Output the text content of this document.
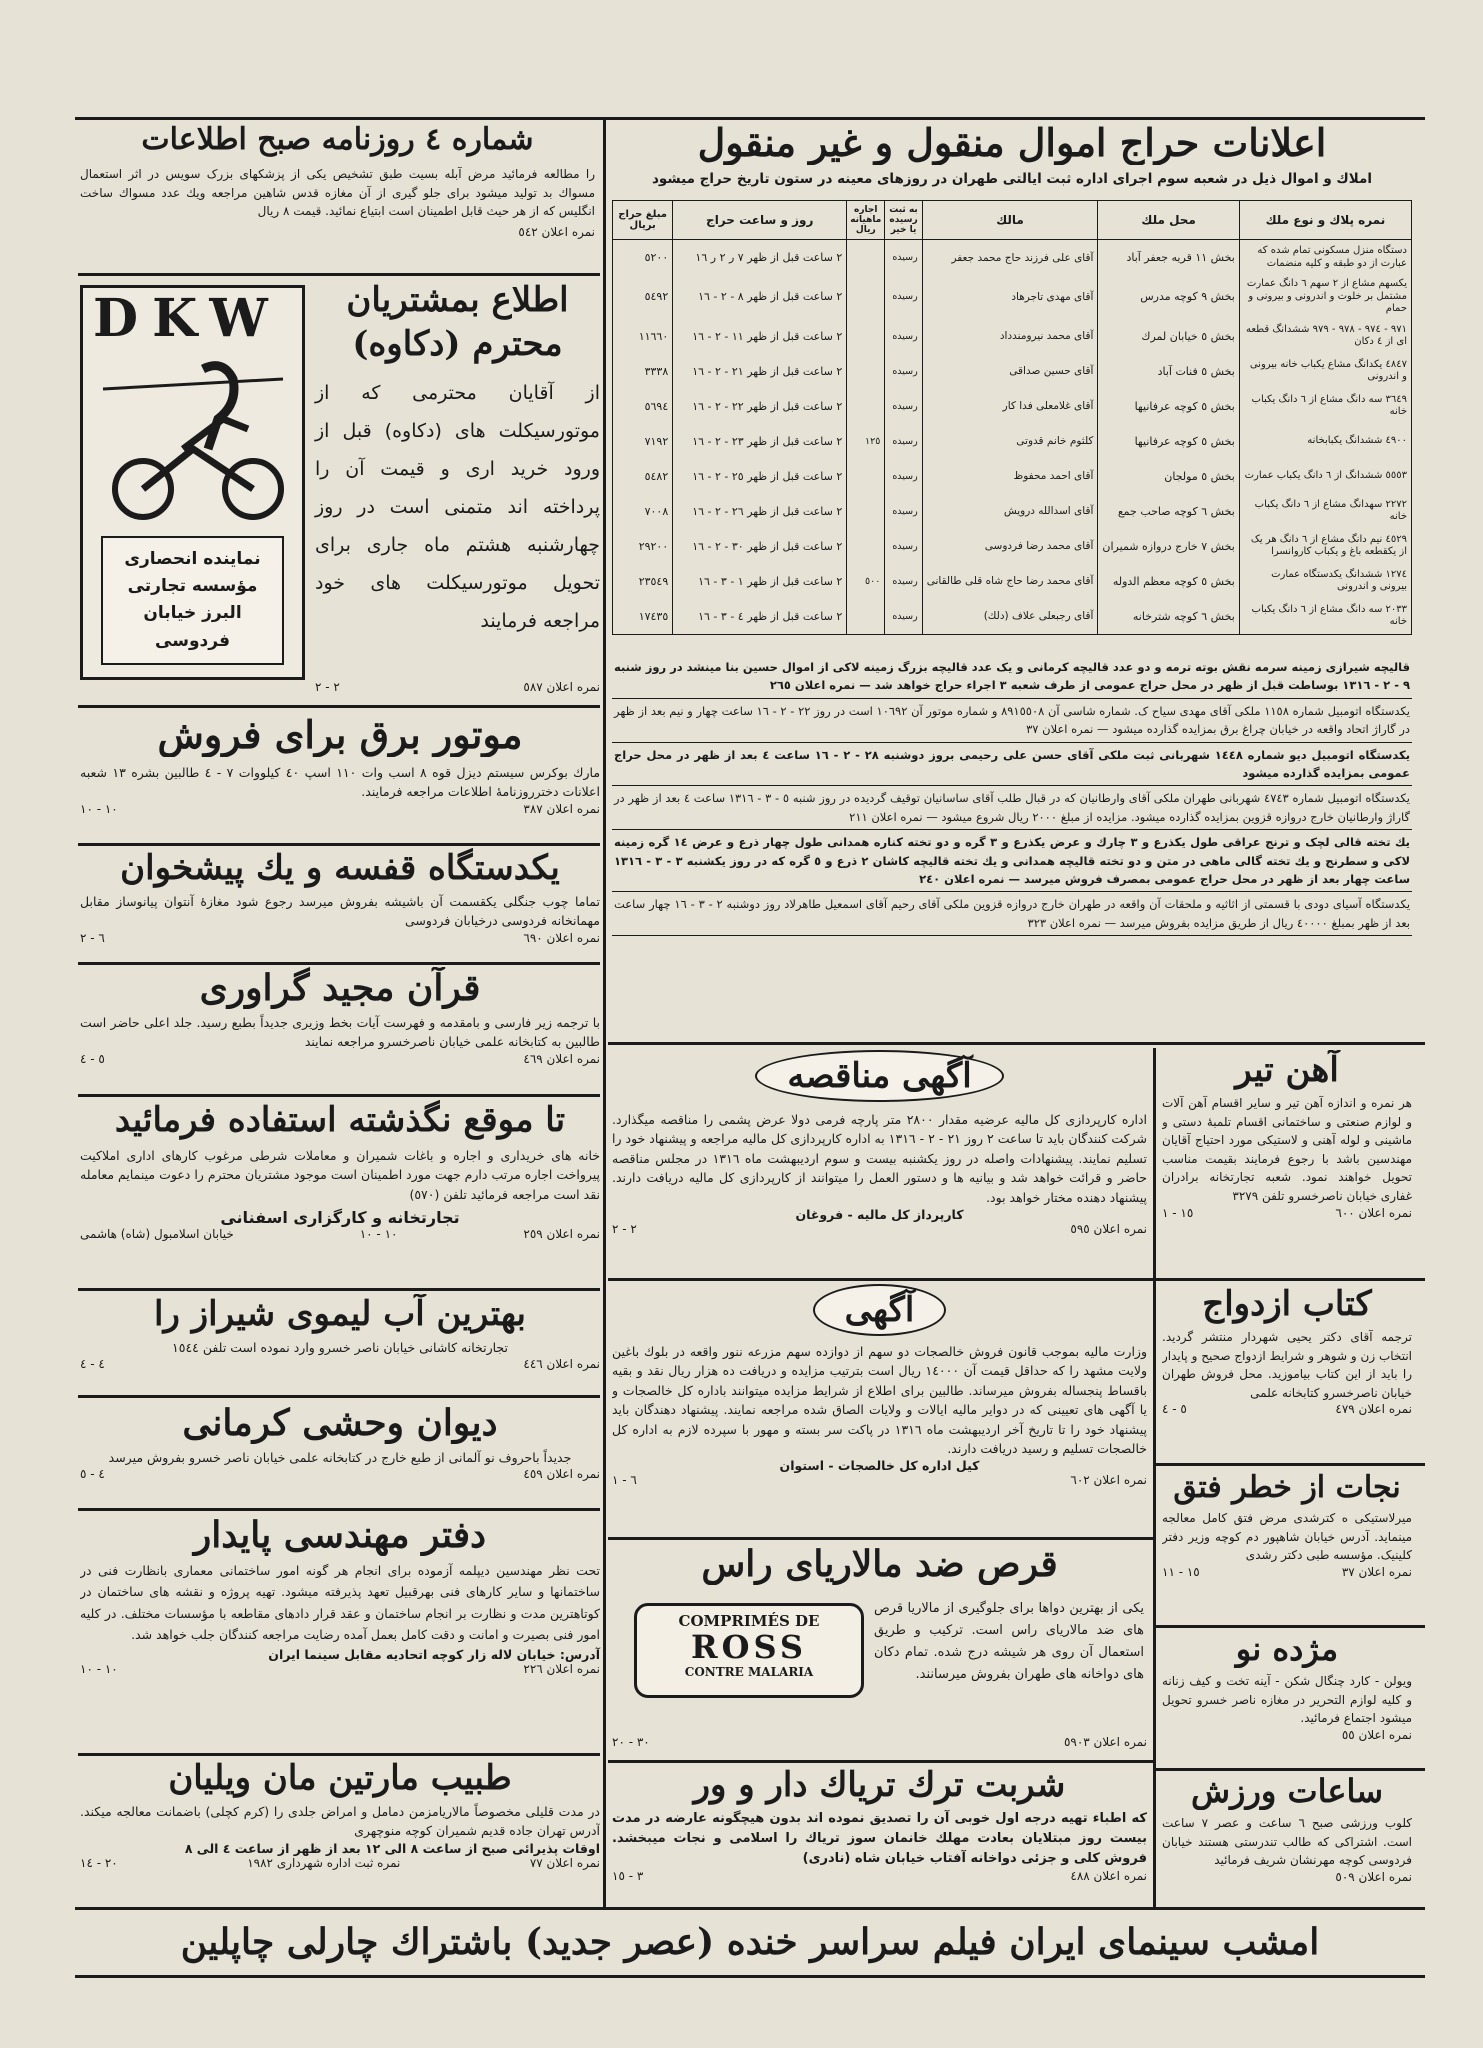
شماره ٤ روزنامه صبح اطلاعات
را مطالعه فرمائید مرض آبله بسیت طبق تشخیص یکی از پزشکهای بزرک سویس در اثر استعمال مسواك بد تولید میشود برای جلو گیری از آن مغازه قدس شاهین مراجعه ویك عدد مسواك ساخت انگلیس که از هر حیث قابل اطمینان است ابتیاع نمائید. قیمت ۸ ریال
نمره اعلان ٥٤٢
DKW
نماینده انحصاری مؤسسه تجارتی البرز خیابان فردوسی
اطلاع بمشتریان
محترم (دکاوه)
از آقایان محترمی که از موتورسیکلت های (دکاوه) قبل از ورود خرید اری و قیمت آن را پرداخته اند متمنی است در روز چهارشنبه هشتم ماه جاری برای تحویل موتورسیکلت های خود مراجعه فرمایند
نمره اعلان ٥٨٧
٢ - ٢
موتور برق برای فروش
مارك بوکرس سیستم دیزل قوه ۸ اسب وات ١١٠ اسپ ٤٠ کیلووات ۷ - ٤ طالبین بشره ١٣ شعبه اعلانات دخترروزنامهٔ اطلاعات مراجعه فرمایند.
نمره اعلان ٣٨٧
١٠ - ١٠
یکدستگاه قفسه و یك پیشخوان
تماما چوب جنگلی یکقسمت آن باشیشه بفروش میرسد رجوع شود مغازهٔ آنتوان پیانوساز مقابل مهمانخانه فردوسی درخیابان فردوسی
نمره اعلان ٦٩٠
٦ - ٢
قرآن مجید گراوری
با ترجمه زیر فارسی و بامقدمه و فهرست آیات بخط وزیری جدیداً بطبع رسید. جلد اعلی حاضر است طالبین به کتابخانه علمی خیابان ناصرخسرو مراجعه نمایند
نمره اعلان ٤٦٩
٥ - ٤
تا موقع نگذشته استفاده فرمائید
خانه های خریداری و اجاره و باغات شمیران و معاملات شرطی مرغوب کارهای اداری املاکیت پیرواخت اجاره مرتب دارم جهت مورد اطمینان است موجود مشتریان محترم را دعوت مینمایم معامله نقد است مراجعه فرمائید تلفن (٥٧٠)
تجارتخانه و کارگزاری اسفنانی
نمره اعلان ٢٥٩
١٠ - ١٠
خیابان اسلامبول (شاه) هاشمی
بهترین آب لیموی شیراز را
تجارتخانه کاشانی خیابان ناصر خسرو وارد نموده است تلفن ١٥٤٤
نمره اعلان ٤٤٦
٤ - ٤
دیوان وحشی کرمانی
جدیداً باحروف نو آلمانی از طبع خارج در کتابخانه علمی خیابان ناصر خسرو بفروش میرسد
نمره اعلان ٤٥٩
٤ - ٥
دفتر مهندسی پایدار
تحت نظر مهندسین دیپلمه آزموده برای انجام هر گونه امور ساختمانی معماری بانظارت فنی در ساختمانها و سایر کارهای فنی بهرقبیل تعهد پذیرفته میشود. تهیه پروژه و نقشه های ساختمان در کوتاهترین مدت و نظارت بر انجام ساختمان و عقد قرار دادهای مقاطعه با مؤسسات مختلف. در کلیه امور فنی بصیرت و امانت و دقت کامل بعمل آمده رضایت مراجعه کنندگان جلب خواهد شد.
آدرس: خیابان لاله زار کوچه اتحادیه مقابل سینما ایران
نمره اعلان ٢٢٦
١٠ - ١٠
طبیب مارتین مان ویلیان
در مدت قلیلی مخصوصاً مالاریامزمن دمامل و امراض جلدی را (کرم کچلی) باضمانت معالجه میکند. آدرس تهران جاده قدیم شمیران کوچه منوچهری
اوقات پذیرائی صبح از ساعت ٨ الی ١٢ بعد از ظهر از ساعت ٤ الی ٨
نمره اعلان ٧٧
نمره ثبت اداره شهرداری ١٩٨٢
٢٠ - ١٤
اعلانات حراج اموال منقول و غیر منقول
املاك و اموال ذیل در شعبه سوم اجرای اداره ثبت ایالتی طهران در روزهای معینه در ستون تاریخ حراج میشود
نمره پلاك و نوع ملك	محل ملك	مالك	به ثبت رسیده یا خیر	اجاره ماهیانه ریال	روز و ساعت حراج	مبلغ حراج بریال
دستگاه منزل مسکونی تمام شده که عبارت از دو طبقه و کلیه منضمات	بخش ١١ قریه جعفر آباد	آقای علی فرزند حاج محمد جعفر	رسیده		٢ ساعت قبل از ظهر ٧ ر ٢ ر ١٦	٥٢٠٠
یکسهم مشاع از ٢ سهم ٦ دانگ عمارت مشتمل بر خلوت و اندرونی و بیرونی و حمام	بخش ٩ کوچه مدرس	آقای مهدی تاجرهاد	رسیده		٢ ساعت قبل از ظهر ٨ - ٢ - ١٦	٥٤٩٢
٩٧١ - ٩٧٤ - ٩٧٨ - ٩٧٩ ششدانگ قطعه ای از ٤ دکان	بخش ٥ خیابان لمرك	آقای محمد نیرومندداد	رسیده		٢ ساعت قبل از ظهر ١١ - ٢ - ١٦	١١٦٦٠
٤٨٤٧ یکدانگ مشاع یکباب خانه بیرونی و اندرونی	بخش ٥ فنات آباد	آقای حسین صداقی	رسیده		٢ ساعت قبل از ظهر ٢١ - ٢ - ١٦	٣٣٣٨
٣٦٤٩ سه دانگ مشاع از ٦ دانگ یکباب خانه	بخش ٥ کوچه عرفانیها	آقای غلامعلی فدا کار	رسیده		٢ ساعت قبل از ظهر ٢٢ - ٢ - ١٦	٥٦٩٤
٤٩٠٠ ششدانگ یکبابخانه	بخش ٥ کوچه عرفانیها	کلثوم خانم قدوتی	رسیده	١٢٥	٢ ساعت قبل از ظهر ٢٣ - ٢ - ١٦	٧١٩٢
٥٥٥٣ ششدانگ از ٦ دانگ یکباب عمارت	بخش ٥ مولجان	آقای احمد محفوظ	رسیده		٢ ساعت قبل از ظهر ٢٥ - ٢ - ١٦	٥٤٨٢
٢٢٧٢ سهدانگ مشاع از ٦ دانگ یکباب خانه	بخش ٦ کوچه صاحب جمع	آقای اسدالله درویش	رسیده		٢ ساعت قبل از ظهر ٢٦ - ٢ - ١٦	٧٠٠٨
٤٥٢٩ نیم دانگ مشاع از ٦ دانگ هر یک از یکقطعه باغ و یکباب کاروانسرا	بخش ٧ خارج دروازه شمیران	آقای محمد رضا فردوسی	رسیده		٢ ساعت قبل از ظهر ٣٠ - ٢ - ١٦	٢٩٢٠٠
١٢٧٤ ششدانگ یکدستگاه عمارت بیرونی و اندرونی	بخش ٥ کوچه معظم الدوله	آقای محمد رضا حاج شاه قلی طالقانی	رسیده	٥٠٠	٢ ساعت قبل از ظهر ١ - ٣ - ١٦	٢٣٥٤٩
٢٠٣٣ سه دانگ مشاع از ٦ دانگ یکباب خانه	بخش ٦ کوچه شترخانه	آقای رجبعلی علاف (دلك)	رسیده		٢ ساعت قبل از ظهر ٤ - ٣ - ١٦	١٧٤٣٥
قالیچه شیرازی زمینه سرمه نقش بوته ترمه و دو عدد قالیچه کرمانی و یک عدد قالیچه بزرگ زمینه لاکی از اموال حسین بنا مینشد در روز شنبه ٩ - ٢ - ١٣١٦ بوساطت قبل از ظهر در محل حراج عمومی از طرف شعبه ٣ اجراء حراج خواهد شد — نمره اعلان ٢٦٥
یکدستگاه اتومبیل شماره ١١٥٨ ملکی آقای مهدی سیاح ک. شماره شاسی آن ٨٩١٥٥٠٨ و شماره موتور آن ١٠٦٩٢ است در روز ٢٢ - ٢ - ١٦ ساعت چهار و نیم بعد از ظهر در گاراژ اتحاد واقعه در خیابان چراغ برق بمزایده گذارده میشود — نمره اعلان ٣٧
یکدستگاه اتومبیل دیو شماره ١٤٤٨ شهربانی ثبت ملکی آقای حسن علی رحیمی بروز دوشنبه ٢٨ - ٢ - ١٦ ساعت ٤ بعد از ظهر در محل حراج عمومی بمزایده گذارده میشود
یکدستگاه اتومبیل شماره ٤٧٤٣ شهربانی طهران ملکی آقای وارطانیان که در قبال طلب آقای ساسانیان توقیف گردیده در روز شنبه ٥ - ٣ - ١٣١٦ ساعت ٤ بعد از ظهر در گاراژ وارطانیان خارج دروازه قزوین بمزایده گذارده میشود. مزایده از مبلغ ٢٠٠٠ ریال شروع میشود — نمره اعلان ٢١١
یك تخته قالی لچک و ترنج عراقی طول یکذرع و ٣ چارك و عرض یکذرع و ٣ گره و دو تخته کناره همدانی طول چهار ذرع و عرض ١٤ گره زمینه لاکی و سطرنج و یك تخته گالی ماهی در متن و دو تخته قالیچه همدانی و یك تخته قالیچه کاشان ٢ ذرع و ٥ گره که در روز یکشنبه ٣ - ٣ - ١٣١٦ ساعت چهار بعد از ظهر در محل حراج عمومی بمصرف فروش میرسد — نمره اعلان ٢٤٠
یکدستگاه آسیای دودی با قسمتی از اثاثیه و ملحقات آن واقعه در طهران خارج دروازه قزوین ملکی آقای رحیم آقای اسمعیل طاهرلاد روز دوشنبه ٢ - ٣ - ١٦ چهار ساعت بعد از ظهر بمبلغ ٤٠٠٠٠ ریال از طریق مزایده بفروش میرسد — نمره اعلان ٣٢٣
آگهی مناقصه
اداره کارپردازی کل مالیه عرضیه مقدار ٢٨٠٠ متر پارچه فرمی دولا عرض پشمی را مناقصه میگذارد. شرکت کنندگان باید تا ساعت ٢ روز ٢١ - ٢ - ١٣١٦ به اداره کارپردازی کل مالیه مراجعه و پیشنهاد خود را تسلیم نمایند. پیشنهادات واصله در روز یکشنبه بیست و سوم اردیبهشت ماه ١٣١٦ در مجلس مناقصه حاضر و قرائت خواهد شد و بیانیه ها و دستور العمل را میتوانند از کارپردازی کل مالیه دریافت دارند. پیشنهاد دهنده مختار خواهد بود.
کارپرداز کل مالیه - فروغان
نمره اعلان ٥٩٥
٢ - ٢
آهن تیر
هر نمره و اندازه آهن تیر و سایر اقسام آهن آلات و لوازم صنعتی و ساختمانی اقسام تلمبهٔ دستی و ماشینی و لوله آهنی و لاستیکی مورد احتیاج آقایان مهندسین باشد با رجوع فرمایند بقیمت مناسب تحویل خواهند نمود. شعبه تجارتخانه برادران غفاری خیابان ناصرخسرو تلفن ٣٢٧٩
نمره اعلان ٦٠٠
١٥ - ١
آگهی
وزارت مالیه بموجب قانون فروش خالصجات دو سهم از دوازده سهم مزرعه ننور واقعه در بلوك باغین ولایت مشهد را که حداقل قیمت آن ١٤٠٠٠ ریال است بترتیب مزایده و دریافت ده هزار ریال نقد و بقیه باقساط پنجساله بفروش میرساند. طالبین برای اطلاع از شرایط مزایده میتوانند باداره کل خالصجات و یا آگهی های تعیینی که در دوایر مالیه ایالات و ولایات الصاق شده مراجعه نمایند. پیشنهاد دهندگان باید پیشنهاد خود را تا تاریخ آخر اردیبهشت ماه ١٣١٦ در پاکت سر بسته و مهور با سپرده لازم به اداره کل خالصجات تسلیم و رسید دریافت دارند.
کیل اداره کل خالصجات - استوان
نمره اعلان ٦٠٢
٦ - ١
کتاب ازدواج
ترجمه آقای دکتر یحیی شهردار منتشر گردید. انتخاب زن و شوهر و شرایط ازدواج صحیح و پایدار را باید از این کتاب بیاموزید. محل فروش طهران خیابان ناصرخسرو کتابخانه علمی
نمره اعلان ٤٧٩
٥ - ٤
نجات از خطر فتق
میرلاستیکی ه کترشدی مرض فتق کامل معالجه مینماید. آدرس خیابان شاهپور دم کوچه وزیر دفتر کلینیک. مؤسسه طبی دکتر رشدی
نمره اعلان ٣٧
١٥ - ١١
قرص ضد مالاریای راس
یکی از بهترین دواها برای جلوگیری از مالاریا قرص های ضد مالاریای راس است. ترکیب و طریق استعمال آن روی هر شیشه درج شده. تمام دکان های دواخانه های طهران بفروش میرسانند.
COMPRIMÉS DE
ROSS
CONTRE MALARIA
نمره اعلان ٥٩٠٣
٣٠ - ٢٠
مژده نو
ویولن - کارد چنگال شکن - آینه تخت و کیف زنانه و کلیه لوازم التحریر در مغازه ناصر خسرو تحویل میشود اجتماع فرمائید.
نمره اعلان ٥٥
شربت ترك تریاك دار و ور
که اطباء تهیه درجه اول خوبی آن را تصدیق نموده اند بدون هیچگونه عارضه در مدت بیست روز مبتلایان بعادت مهلك خانمان سوز تریاك را اسلامی و نجات میبخشد. فروش کلی و جزئی دواخانه آفتاب خیابان شاه (نادری)
نمره اعلان ٤٨٨
٣ - ١٥
ساعات ورزش
کلوب ورزشی صبح ٦ ساعت و عصر ٧ ساعت است. اشتراکی که طالب تندرستی هستند خیابان فردوسی کوچه مهرنشان شریف فرمائید
نمره اعلان ٥٠٩
امشب سینمای ایران فیلم سراسر خنده (عصر جدید) باشتراك چارلی چاپلین
